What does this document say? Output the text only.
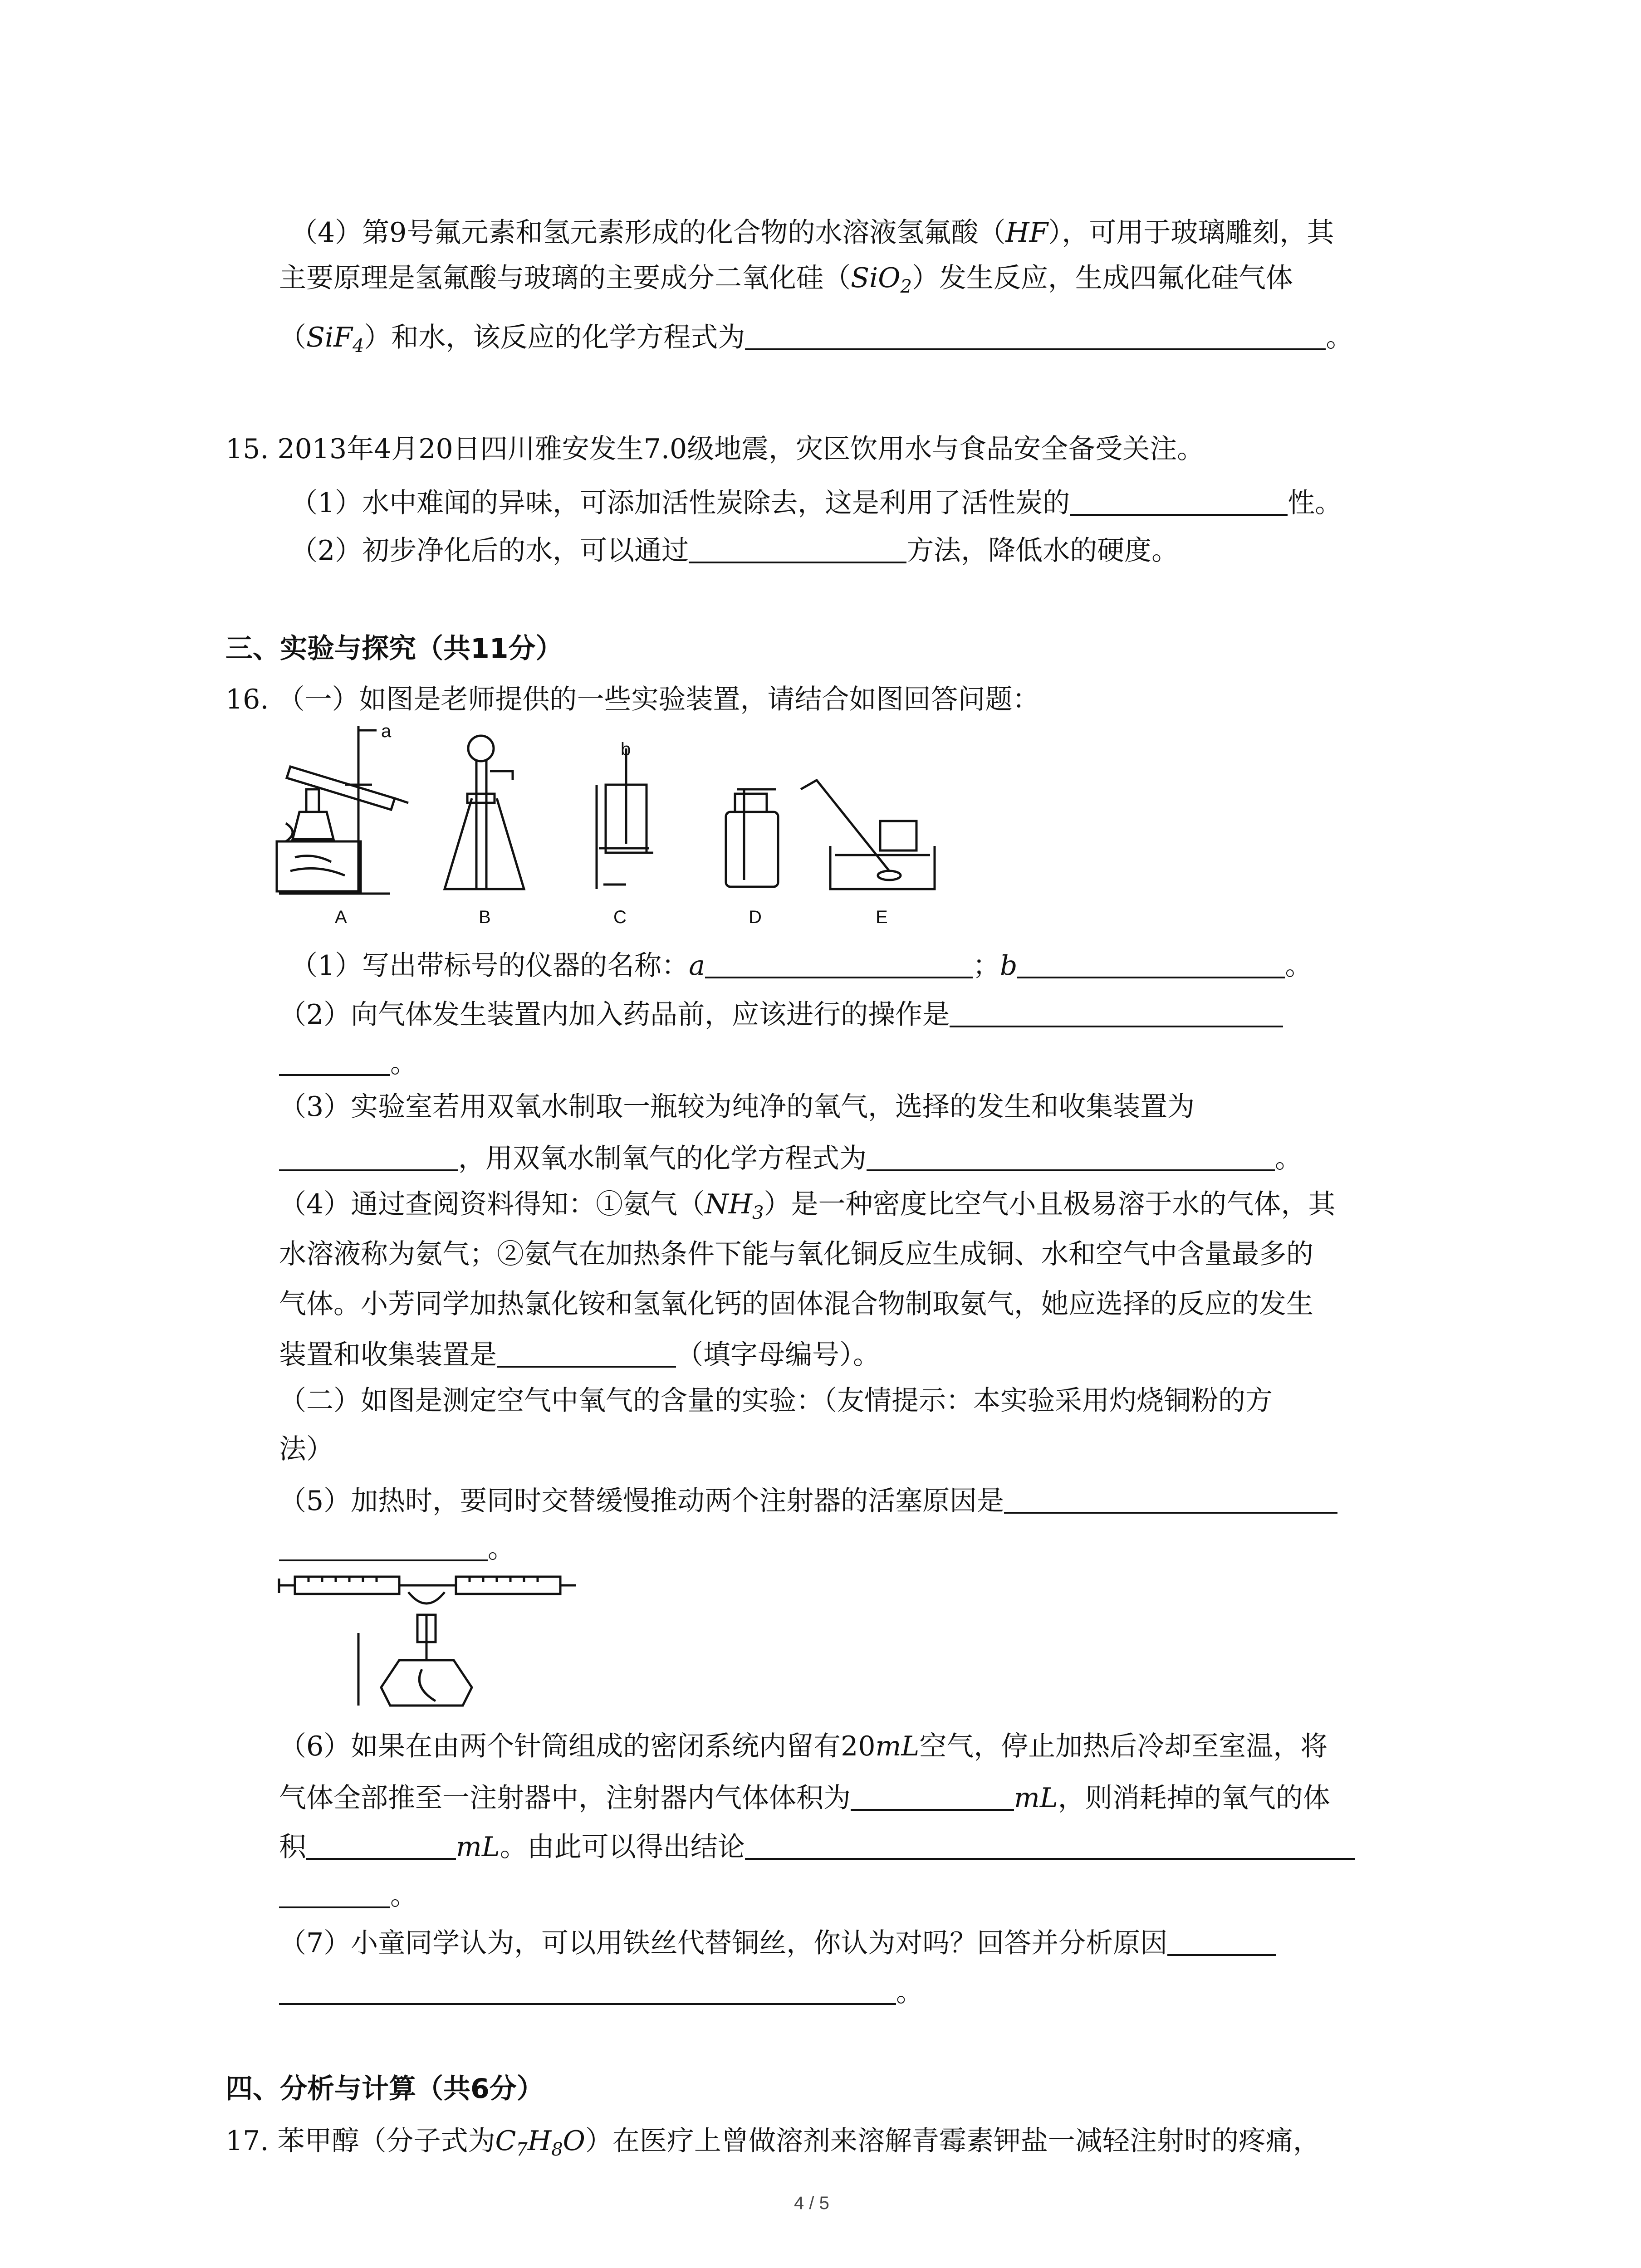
（4）第9号氟元素和氢元素形成的化合物的水溶液氢氟酸（HF），可用于玻璃雕刻，其
主要原理是氢氟酸与玻璃的主要成分二氧化硅（SiO$_2$）发生反应，生成四氟化硅气体
（SiF$_4$）和水，该反应的化学方程式为	。
15. 2013年4月20日四川雅安发生7.0级地震，灾区饮用水与食品安全备受关注。
（1）水中难闻的异味，可添加活性炭除去，这是利用了活性炭的	性。
（2）初步净化后的水，可以通过	方法，降低水的硬度。
三、实验与探究（共11分）
16. （一）如图是老师提供的一些实验装置，请结合如图回答问题：
a
b
A	B	C	D	E
（1）写出带标号的仪器的名称：a	；b	。
（2）向气体发生装置内加入药品前，应该进行的操作是
。
（3）实验室若用双氧水制取一瓶较为纯净的氧气，选择的发生和收集装置为
，用双氧水制氧气的化学方程式为	。
（4）通过查阅资料得知：①氨气$(NH_3)$是一种密度比空气小且极易溶于水的气体，其
水溶液称为氨气；②氨气在加热条件下能与氧化铜反应生成铜、水和空气中含量最多的
气体。小芳同学加热氯化铵和氢氧化钙的固体混合物制取氨气，她应选择的反应的发生
装置和收集装置是	（填字母编号）。
（二）如图是测定空气中氧气的含量的实验：（友情提示：本实验采用灼烧铜粉的方
法）
（5）加热时，要同时交替缓慢推动两个注射器的活塞原因是
。
（6）如果在由两个针筒组成的密闭系统内留有20mL空气，停止加热后冷却至室温，将
气体全部推至一注射器中，注射器内气体体积为	mL，则消耗掉的氧气的体
积	mL。由此可以得出结论
。
（7）小童同学认为，可以用铁丝代替铜丝，你认为对吗？回答并分析原因
。
四、分析与计算（共6分）
17. 苯甲醇（分子式为$C_7H_8O$）在医疗上曾做溶剂来溶解青霉素钾盐一减轻注射时的疼痛，
4 / 5
